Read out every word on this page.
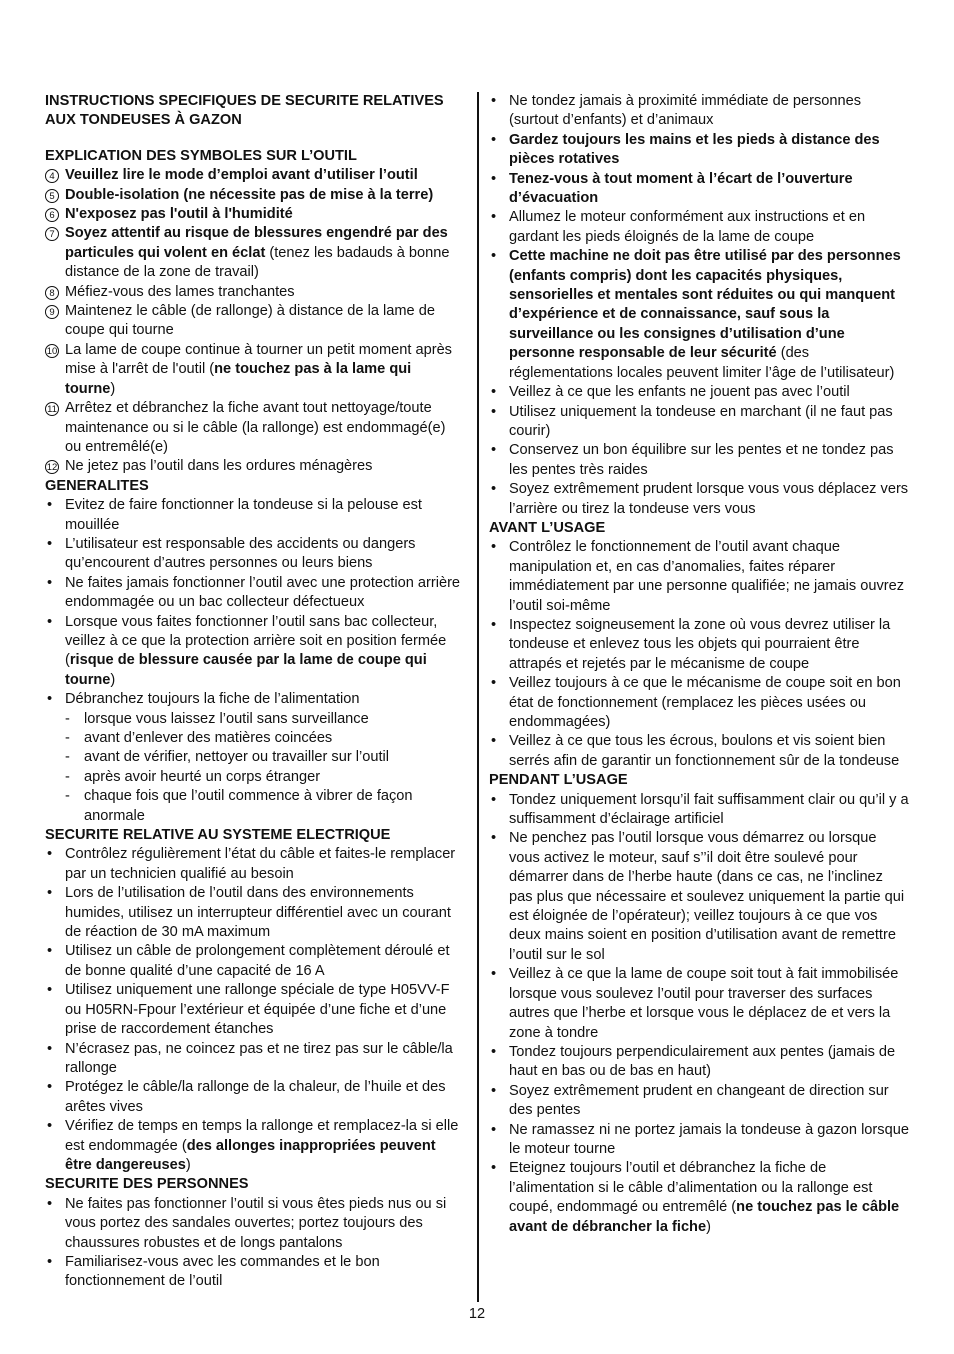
INSTRUCTIONS SPECIFIQUES DE SECURITE RELATIVES AUX TONDEUSES À GAZON
EXPLICATION DES SYMBOLES SUR L’OUTIL
4 Veuillez lire le mode d’emploi avant d’utiliser l’outil
5 Double-isolation (ne nécessite pas de mise à la terre)
6 N'exposez pas l'outil à l'humidité
7 Soyez attentif au risque de blessures engendré par des particules qui volent en éclat (tenez les badauds à bonne distance de la zone de travail)
8 Méfiez-vous des lames tranchantes
9 Maintenez le câble (de rallonge) à distance de la lame de coupe qui tourne
10 La lame de coupe continue à tourner un petit moment après mise à l'arrêt de l'outil (ne touchez pas à la lame qui tourne)
11 Arrêtez et débranchez la fiche avant tout nettoyage/toute maintenance ou si le câble (la rallonge) est endommagé(e) ou entremêlé(e)
12 Ne jetez pas l’outil dans les ordures ménagères
GENERALITES
• Evitez de faire fonctionner la tondeuse si la pelouse est mouillée
• L’utilisateur est responsable des accidents ou dangers qu’encourent d’autres personnes ou leurs biens
• Ne faites jamais fonctionner l’outil avec une protection arrière endommagée ou un bac collecteur défectueux
• Lorsque vous faites fonctionner l’outil sans bac collecteur, veillez à ce que la protection arrière soit en position fermée (risque de blessure causée par la lame de coupe qui tourne)
• Débranchez toujours la fiche de l’alimentation
- lorsque vous laissez l’outil sans surveillance
- avant d’enlever des matières coincées
- avant de vérifier, nettoyer ou travailler sur l’outil
- après avoir heurté un corps étranger
- chaque fois que l’outil commence à vibrer de façon anormale
SECURITE RELATIVE AU SYSTEME ELECTRIQUE
• Contrôlez régulièrement l’état du câble et faites-le remplacer par un technicien qualifié au besoin
• Lors de l’utilisation de l’outil dans des environnements humides, utilisez un interrupteur différentiel avec un courant de réaction de 30 mA maximum
• Utilisez un câble de prolongement complètement déroulé et de bonne qualité d’une capacité de 16 A
• Utilisez uniquement une rallonge spéciale de type H05VV-F ou H05RN-Fpour l’extérieur et équipée d’une fiche et d’une prise de raccordement étanches
• N’écrasez pas, ne coincez pas et ne tirez pas sur le câble/la rallonge
• Protégez le câble/la rallonge de la chaleur, de l’huile et des arêtes vives
• Vérifiez de temps en temps la rallonge et remplacez-la si elle est endommagée (des allonges inappropriées peuvent être dangereuses)
SECURITE DES PERSONNES
• Ne faites pas fonctionner l’outil si vous êtes pieds nus ou si vous portez des sandales ouvertes; portez toujours des chaussures robustes et de longs pantalons
• Familiarisez-vous avec les commandes et le bon fonctionnement de l’outil
• Ne tondez jamais à proximité immédiate de personnes (surtout d’enfants) et d’animaux
• Gardez toujours les mains et les pieds à distance des pièces rotatives
• Tenez-vous à tout moment à l’écart de l’ouverture d’évacuation
• Allumez le moteur conformément aux instructions et en gardant les pieds éloignés de la lame de coupe
• Cette machine ne doit pas être utilisé par des personnes (enfants compris) dont les capacités physiques, sensorielles et mentales sont réduites ou qui manquent d’expérience et de connaissance, sauf sous la surveillance ou les consignes d’utilisation d’une personne responsable de leur sécurité (des réglementations locales peuvent limiter l’âge de l’utilisateur)
• Veillez à ce que les enfants ne jouent pas avec l’outil
• Utilisez uniquement la tondeuse en marchant (il ne faut pas courir)
• Conservez un bon équilibre sur les pentes et ne tondez pas les pentes très raides
• Soyez extrêmement prudent lorsque vous vous déplacez vers l’arrière ou tirez la tondeuse vers vous
AVANT L’USAGE
• Contrôlez le fonctionnement de l’outil avant chaque manipulation et, en cas d’anomalies, faites réparer immédiatement par une personne qualifiée; ne jamais ouvrez l’outil soi-même
• Inspectez soigneusement la zone où vous devrez utiliser la tondeuse et enlevez tous les objets qui pourraient être attrapés et rejetés par le mécanisme de coupe
• Veillez toujours à ce que le mécanisme de coupe soit en bon état de fonctionnement (remplacez les pièces usées ou endommagées)
• Veillez à ce que tous les écrous, boulons et vis soient bien serrés afin de garantir un fonctionnement sûr de la tondeuse
PENDANT L’USAGE
• Tondez uniquement lorsqu’il fait suffisamment clair ou qu’il y a suffisamment d’éclairage artificiel
• Ne penchez pas l’outil lorsque vous démarrez ou lorsque vous activez le moteur, sauf s’’il doit être soulevé pour démarrer dans de l’herbe haute (dans ce cas, ne l’inclinez pas plus que nécessaire et soulevez uniquement la partie qui est éloignée de l’opérateur); veillez toujours à ce que vos deux mains soient en position d’utilisation avant de remettre l’outil sur le sol
• Veillez à ce que la lame de coupe soit tout à fait immobilisée lorsque vous soulevez l’outil pour traverser des surfaces autres que l’herbe et lorsque vous le déplacez de et vers la zone à tondre
• Tondez toujours perpendiculairement aux pentes (jamais de haut en bas ou de bas en haut)
• Soyez extrêmement prudent en changeant de direction sur des pentes
• Ne ramassez ni ne portez jamais la tondeuse à gazon lorsque le moteur tourne
• Eteignez toujours l’outil et débranchez la fiche de l’alimentation si le câble d’alimentation ou la rallonge est coupé, endommagé ou entremêlé (ne touchez pas le câble avant de débrancher la fiche)
12
